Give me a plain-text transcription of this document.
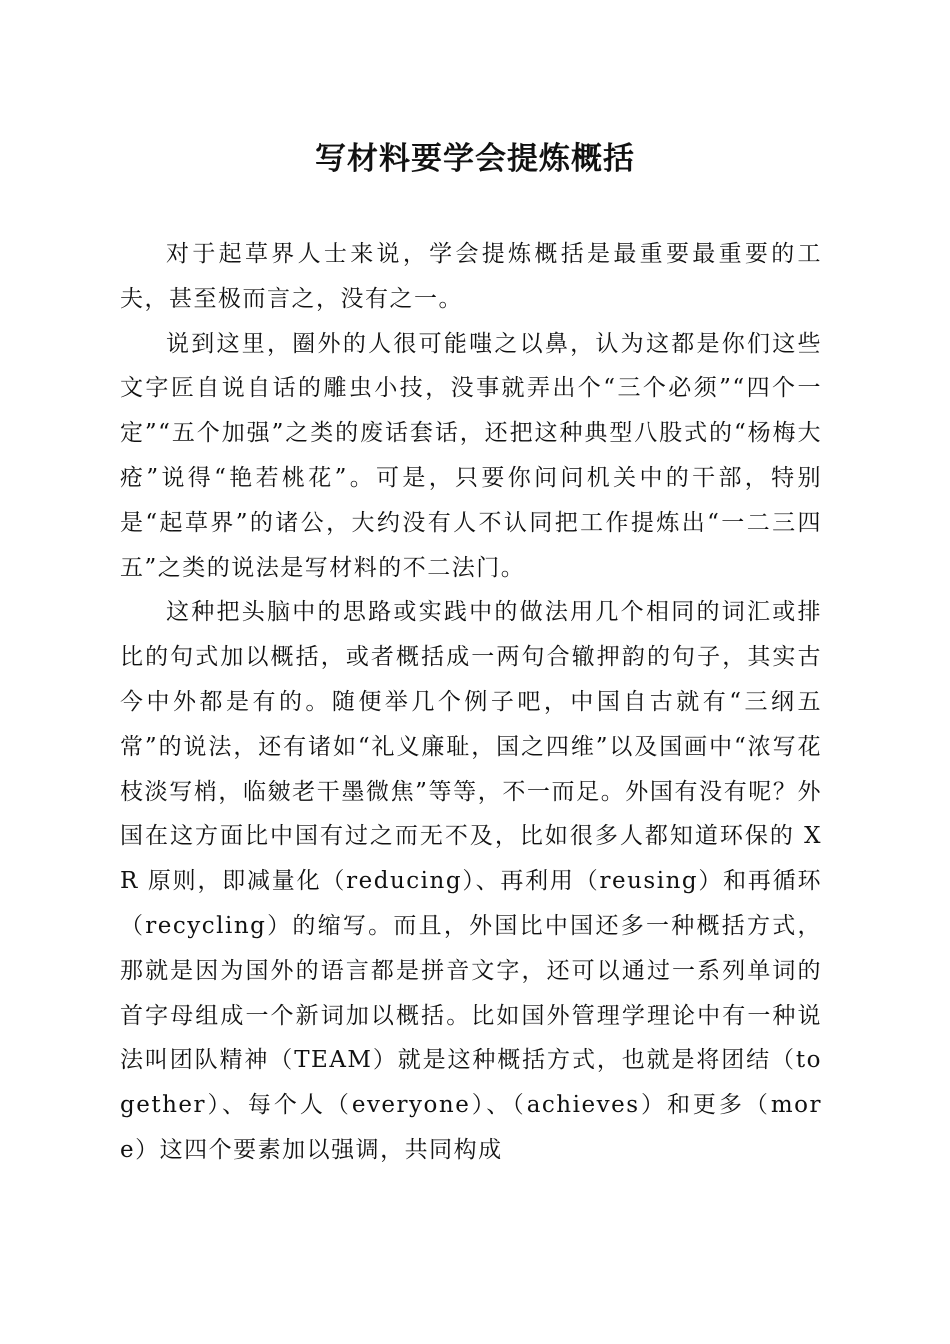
写材料要学会提炼概括

对于起草界人士来说，学会提炼概括是最重要最重要的工夫，甚至极而言之，没有之一。

说到这里，圈外的人很可能嗤之以鼻，认为这都是你们这些文字匠自说自话的雕虫小技，没事就弄出个“三个必须”“四个一定”“五个加强”之类的废话套话，还把这种典型八股式的“杨梅大疮”说得“艳若桃花”。可是，只要你问问机关中的干部，特别是“起草界”的诸公，大约没有人不认同把工作提炼出“一二三四五”之类的说法是写材料的不二法门。

这种把头脑中的思路或实践中的做法用几个相同的词汇或排比的句式加以概括，或者概括成一两句合辙押韵的句子，其实古今中外都是有的。随便举几个例子吧，中国自古就有“三纲五常”的说法，还有诸如“礼义廉耻，国之四维”以及国画中“浓写花枝淡写梢，临皴老干墨微焦”等等，不一而足。外国有没有呢？外国在这方面比中国有过之而无不及，比如很多人都知道环保的 XR 原则，即减量化（reducing）、再利用（reusing）和再循环（recycling）的缩写。而且，外国比中国还多一种概括方式，那就是因为国外的语言都是拼音文字，还可以通过一系列单词的首字母组成一个新词加以概括。比如国外管理学理论中有一种说法叫团队精神（TEAM）就是这种概括方式，也就是将团结（together）、每个人（everyone）、（achieves）和更多（more）这四个要素加以强调，共同构成
